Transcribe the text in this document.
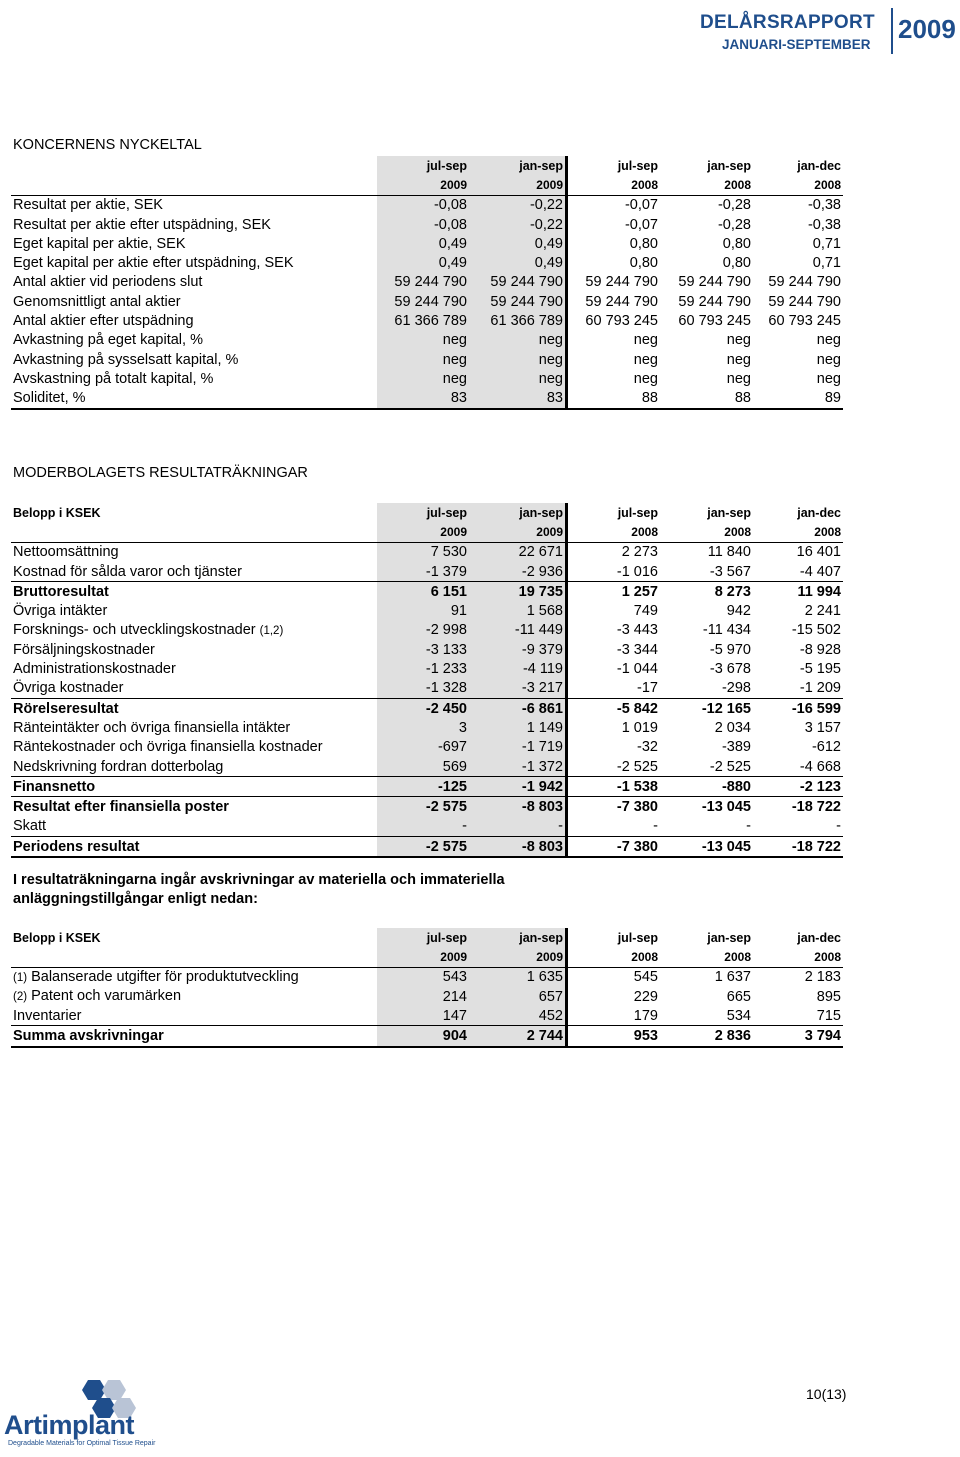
DELÅRSRAPPORT
JANUARI-SEPTEMBER
2009
KONCERNENS NYCKELTAL
	jul-sep	jan-sep	jul-sep	jan-sep	jan-dec
	2009	2009	2008	2008	2008
Resultat per aktie, SEK	-0,08	-0,22	-0,07	-0,28	-0,38
Resultat per aktie efter utspädning, SEK	-0,08	-0,22	-0,07	-0,28	-0,38
Eget kapital per aktie, SEK	0,49	0,49	0,80	0,80	0,71
Eget kapital per aktie efter utspädning, SEK	0,49	0,49	0,80	0,80	0,71
Antal aktier vid periodens slut	59 244 790	59 244 790	59 244 790	59 244 790	59 244 790
Genomsnittligt antal aktier	59 244 790	59 244 790	59 244 790	59 244 790	59 244 790
Antal aktier efter utspädning	61 366 789	61 366 789	60 793 245	60 793 245	60 793 245
Avkastning på eget kapital, %	neg	neg	neg	neg	neg
Avkastning på sysselsatt kapital, %	neg	neg	neg	neg	neg
Avskastning på totalt kapital, %	neg	neg	neg	neg	neg
Soliditet, %	83	83	88	88	89
MODERBOLAGETS RESULTATRÄKNINGAR
Belopp i KSEK	jul-sep	jan-sep	jul-sep	jan-sep	jan-dec
	2009	2009	2008	2008	2008
Nettoomsättning	7 530	22 671	2 273	11 840	16 401
Kostnad för sålda varor och tjänster	-1 379	-2 936	-1 016	-3 567	-4 407
Bruttoresultat	6 151	19 735	1 257	8 273	11 994
Övriga intäkter	91	1 568	749	942	2 241
Forsknings- och utvecklingskostnader (1,2)	-2 998	-11 449	-3 443	-11 434	-15 502
Försäljningskostnader	-3 133	-9 379	-3 344	-5 970	-8 928
Administrationskostnader	-1 233	-4 119	-1 044	-3 678	-5 195
Övriga kostnader	-1 328	-3 217	-17	-298	-1 209
Rörelseresultat	-2 450	-6 861	-5 842	-12 165	-16 599
Ränteintäkter och övriga finansiella intäkter	3	1 149	1 019	2 034	3 157
Räntekostnader och övriga finansiella kostnader	-697	-1 719	-32	-389	-612
Nedskrivning fordran dotterbolag	569	-1 372	-2 525	-2 525	-4 668
Finansnetto	-125	-1 942	-1 538	-880	-2 123
Resultat efter finansiella poster	-2 575	-8 803	-7 380	-13 045	-18 722
Skatt	-	-	-	-	-
Periodens resultat	-2 575	-8 803	-7 380	-13 045	-18 722
I resultaträkningarna ingår avskrivningar av materiella och immateriella anläggningstillgångar enligt nedan:
Belopp i KSEK	jul-sep	jan-sep	jul-sep	jan-sep	jan-dec
	2009	2009	2008	2008	2008
(1) Balanserade utgifter för produktutveckling	543	1 635	545	1 637	2 183
(2) Patent och varumärken	214	657	229	665	895
Inventarier	147	452	179	534	715
Summa avskrivningar	904	2 744	953	2 836	3 794
Artimplant
Degradable Materials for Optimal Tissue Repair
10(13)
